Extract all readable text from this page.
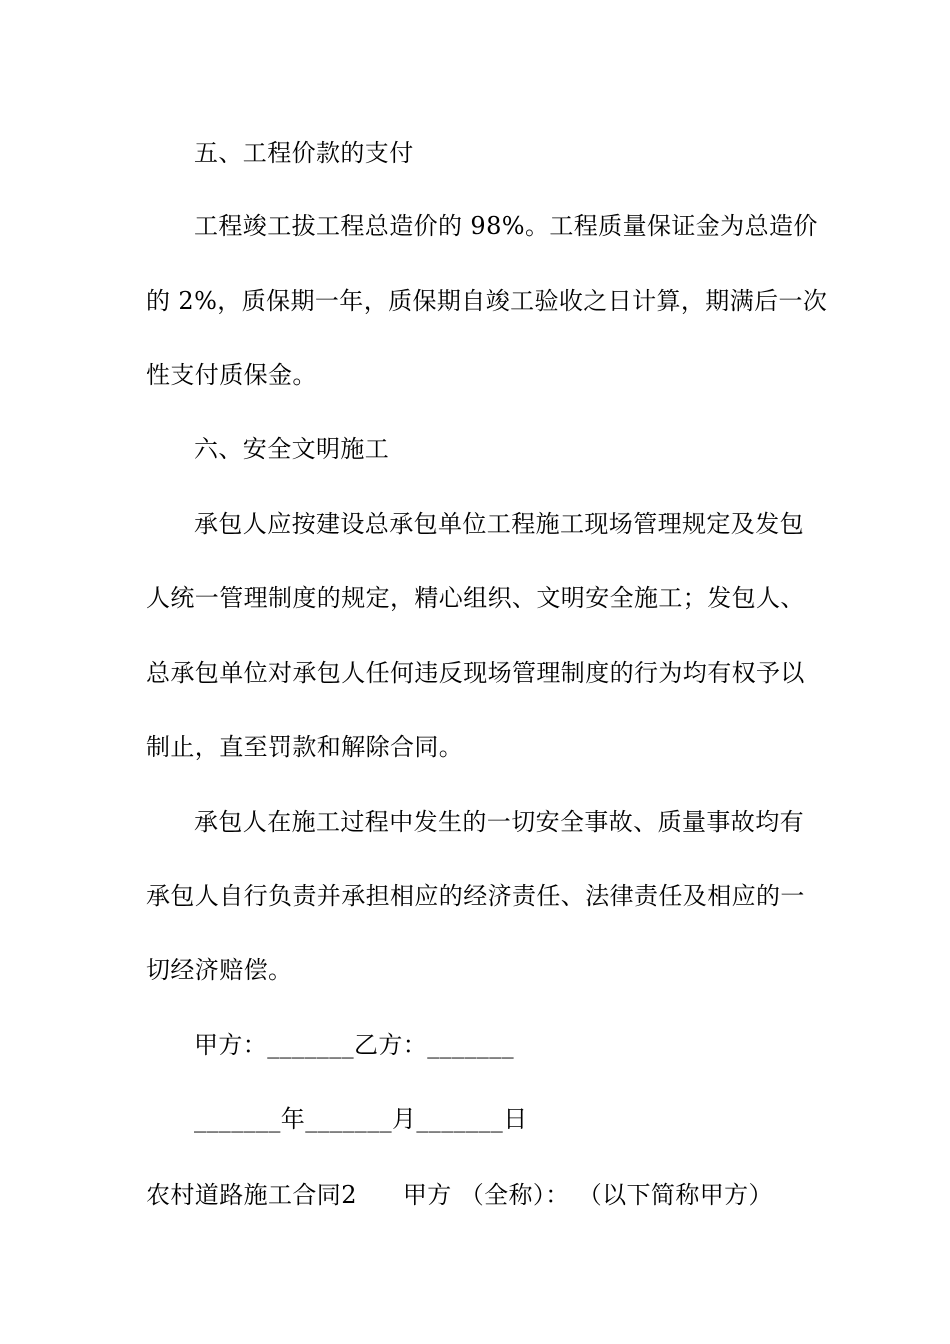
五、工程价款的支付
工程竣工拔工程总造价的 98%。工程质量保证金为总造价
的 2%，质保期一年，质保期自竣工验收之日计算，期满后一次
性支付质保金。
六、安全文明施工
承包人应按建设总承包单位工程施工现场管理规定及发包
人统一管理制度的规定，精心组织、文明安全施工；发包人、
总承包单位对承包人任何违反现场管理制度的行为均有权予以
制止，直至罚款和解除合同。
承包人在施工过程中发生的一切安全事故、质量事故均有
承包人自行负责并承担相应的经济责任、法律责任及相应的一
切经济赔偿。
甲方：_______乙方：_______
_______年_______月_______日
农村道路施工合同2 甲方 （全称）： （以下简称甲方）
